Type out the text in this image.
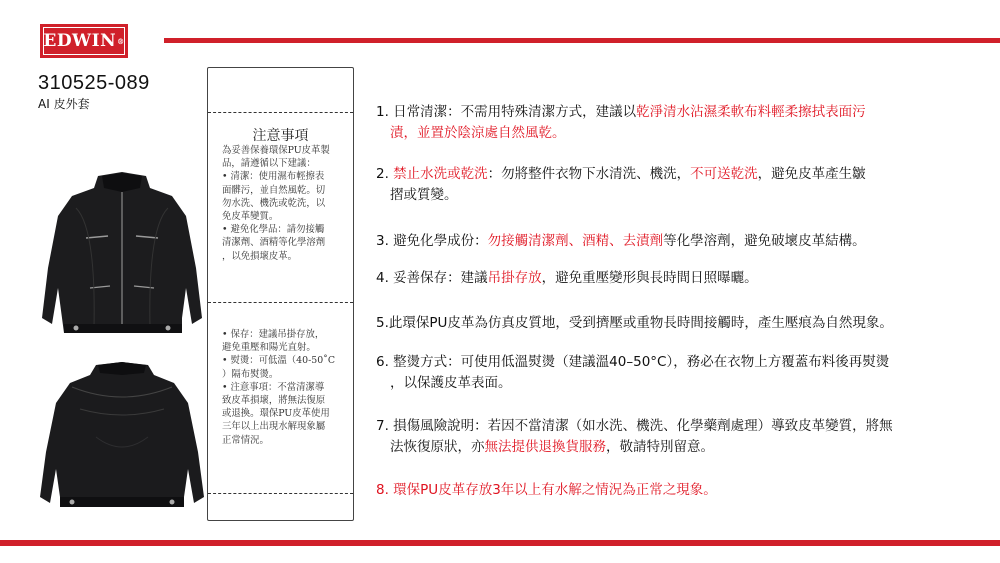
EDWIN ®
310525-089
AI 皮外套
注意事項
為妥善保養環保PU皮革製
品，請遵循以下建議：
• 清潔：使用濕布輕擦表
面髒污，並自然風乾。切
勿水洗、機洗或乾洗，以
免皮革變質。
• 避免化學品：請勿接觸
清潔劑、酒精等化學溶劑
，以免損壞皮革。
• 保存：建議吊掛存放，
避免重壓和陽光直射。
• 熨燙：可低溫（40-50˚C
）隔布熨燙。
• 注意事項：不當清潔導
致皮革損壞，將無法復原
或退換。環保PU皮革使用
三年以上出現水解現象屬
正常情況。
1. 日常清潔：不需用特殊清潔方式，建議以乾淨清水沾濕柔軟布料輕柔擦拭表面污

漬，並置於陰涼處自然風乾。
2. 禁止水洗或乾洗：勿將整件衣物下水清洗、機洗，不可送乾洗，避免皮革產生皺

摺或質變。
3. 避免化學成份：勿接觸清潔劑、酒精、去漬劑等化學溶劑，避免破壞皮革結構。
4. 妥善保存：建議吊掛存放，避免重壓變形與長時間日照曝曬。
5.此環保PU皮革為仿真皮質地，受到擠壓或重物長時間接觸時，產生壓痕為自然現象。
6. 整燙方式：可使用低溫熨燙（建議溫40–50°C），務必在衣物上方覆蓋布料後再熨燙

，以保護皮革表面。
7. 損傷風險說明：若因不當清潔（如水洗、機洗、化學藥劑處理）導致皮革變質，將無

法恢復原狀，亦無法提供退換貨服務，敬請特別留意。
8. 環保PU皮革存放3年以上有水解之情況為正常之現象。
